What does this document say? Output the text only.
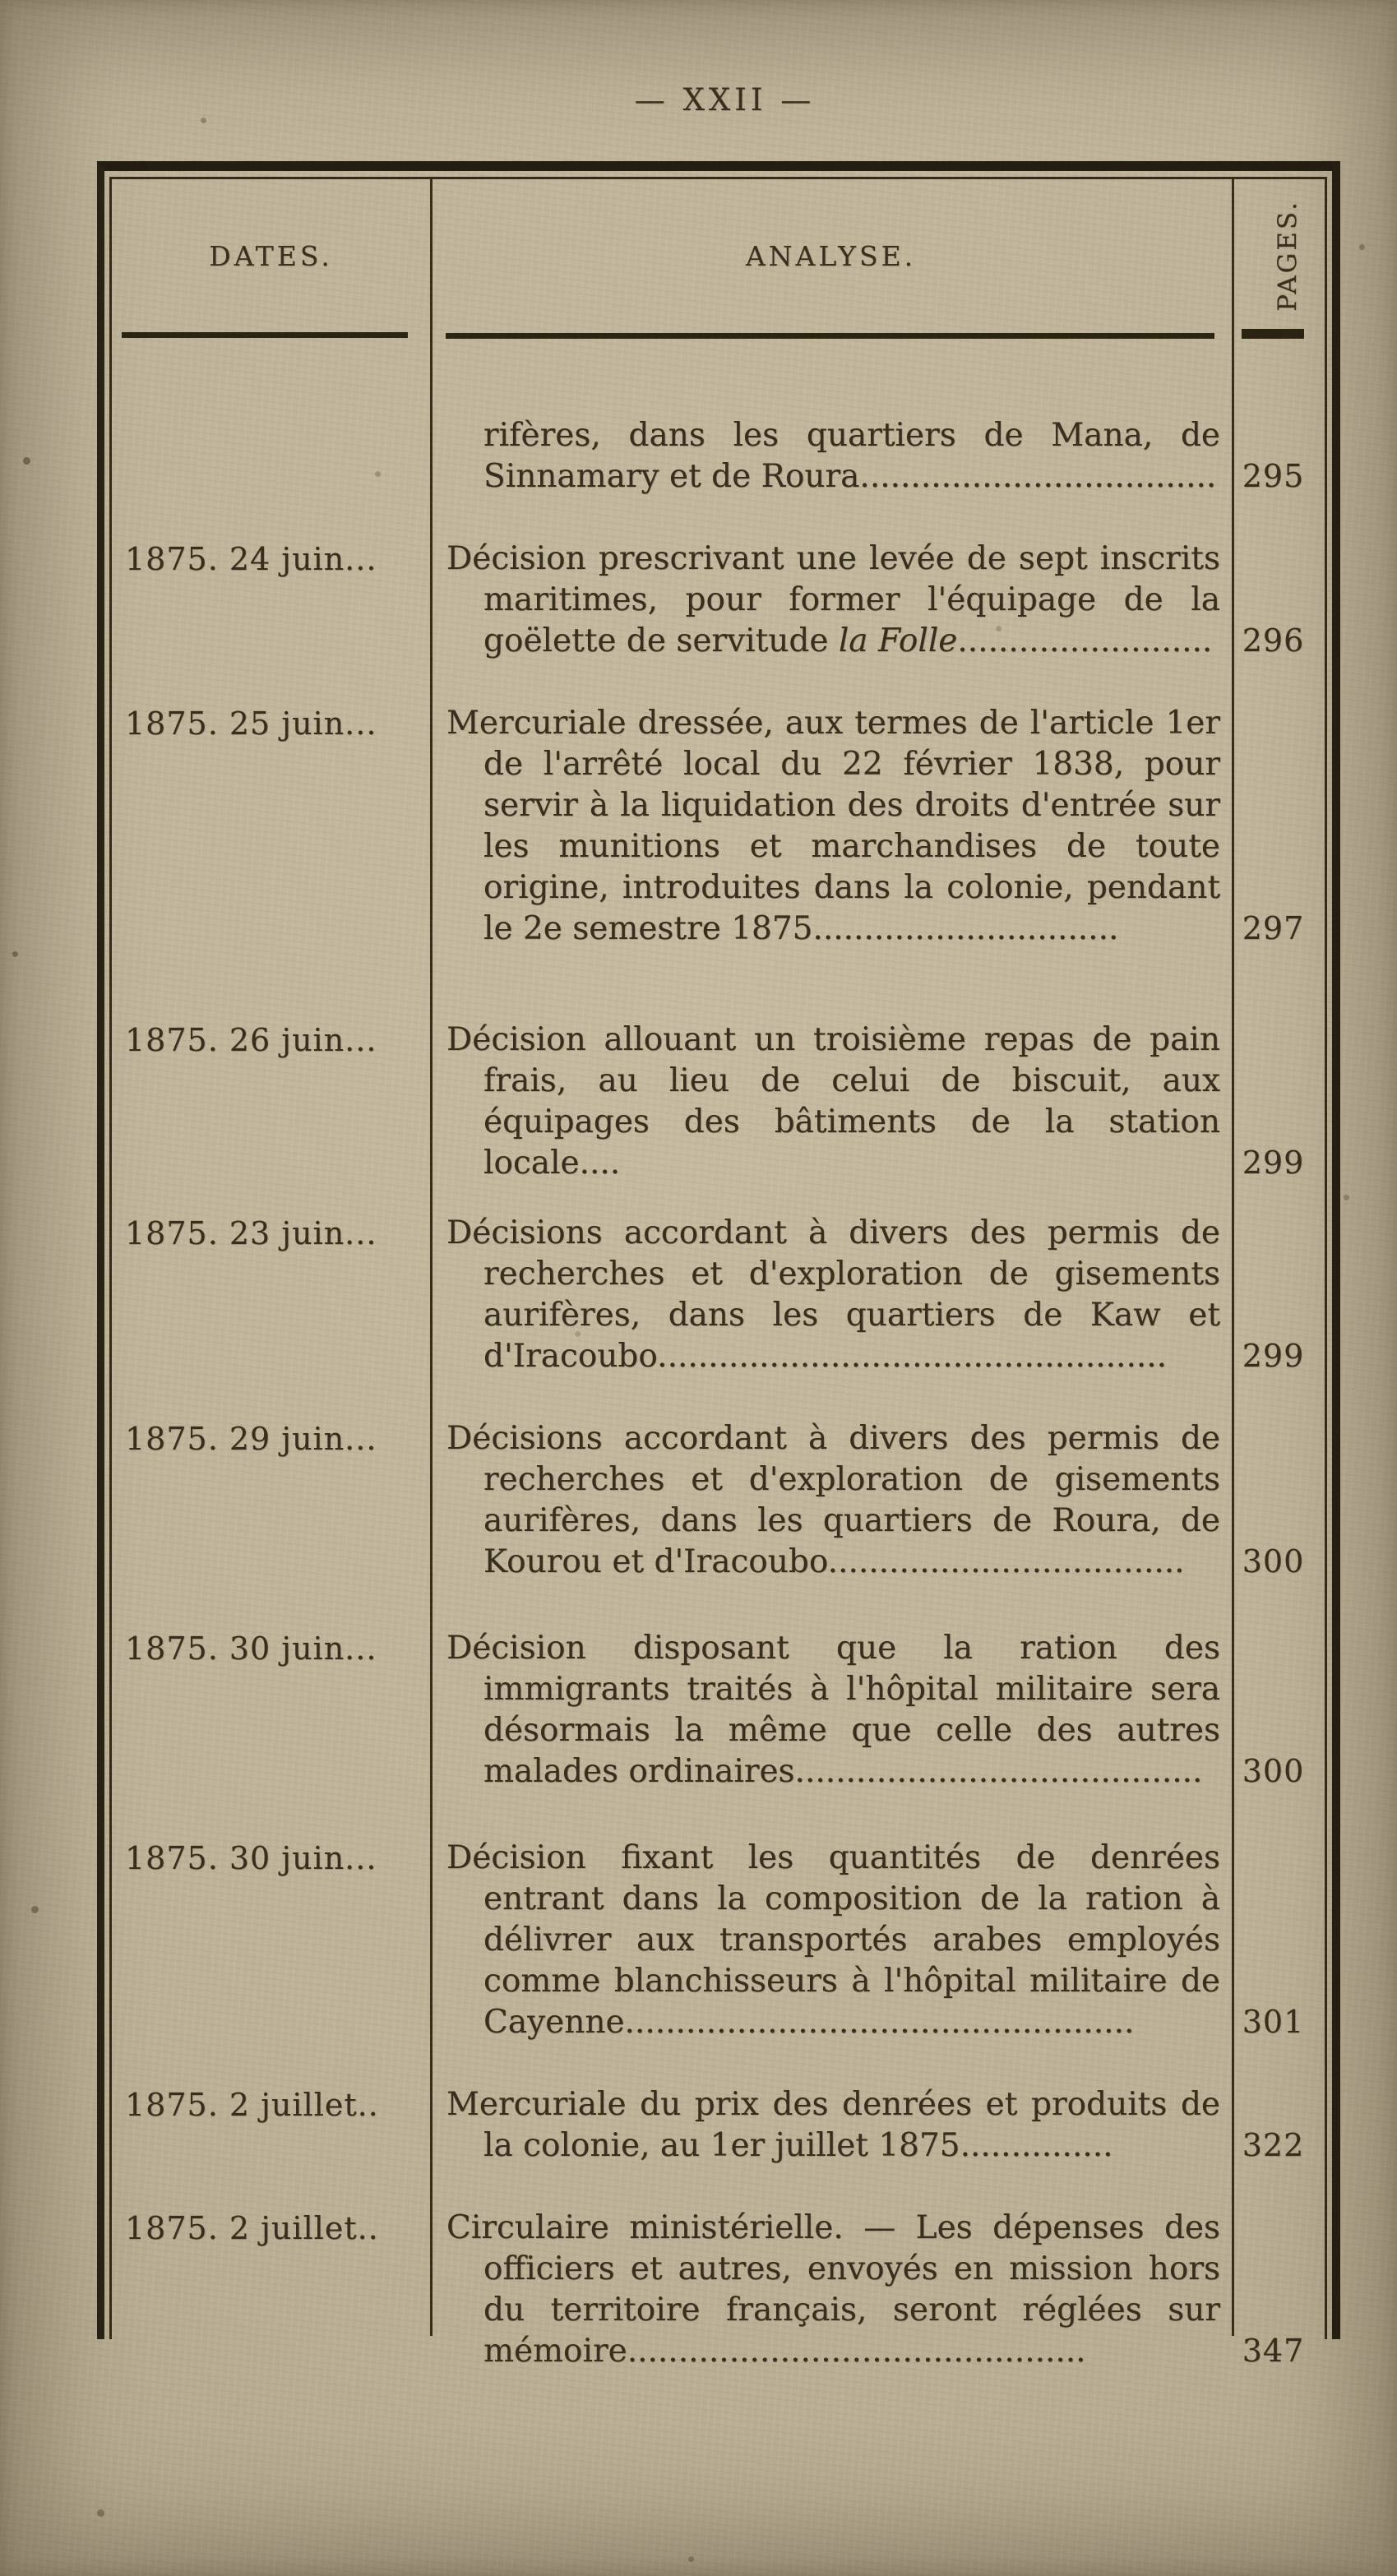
— XXII —
DATES.	ANALYSE.	PAGES.
rifères, dans les quartiers de Mana, de Sinnamary et de Roura................................... 295
1875. 24 juin...	Décision prescrivant une levée de sept inscrits maritimes, pour former l'équipage de la goëlette de servitude la Folle......................... 296
1875. 25 juin...	Mercuriale dressée, aux termes de l'article 1er de l'arrêté local du 22 février 1838, pour servir à la liquidation des droits d'entrée sur les munitions et marchandises de toute origine, introduites dans la colonie, pendant le 2e semestre 1875..............................	297
1875. 26 juin...	Décision allouant un troisième repas de pain frais, au lieu de celui de biscuit, aux équipages des bâtiments de la station locale....	299
1875. 23 juin...	Décisions accordant à divers des permis de recherches et d'exploration de gisements aurifères, dans les quartiers de Kaw et d'Iracoubo..................................................	299
1875. 29 juin...	Décisions accordant à divers des permis de recherches et d'exploration de gisements aurifères, dans les quartiers de Roura, de Kourou et d'Iracoubo...................................	300
1875. 30 juin...	Décision disposant que la ration des immigrants traités à l'hôpital militaire sera désormais la même que celle des autres malades ordinaires........................................	300
1875. 30 juin...	Décision fixant les quantités de denrées entrant dans la composition de la ration à délivrer aux transportés arabes employés comme blanchisseurs à l'hôpital militaire de Cayenne..................................................	301
1875. 2 juillet..	Mercuriale du prix des denrées et produits de la colonie, au 1er juillet 1875...............	322
1875. 2 juillet..	Circulaire ministérielle. — Les dépenses des officiers et autres, envoyés en mission hors du territoire français, seront réglées sur mémoire.............................................	347
